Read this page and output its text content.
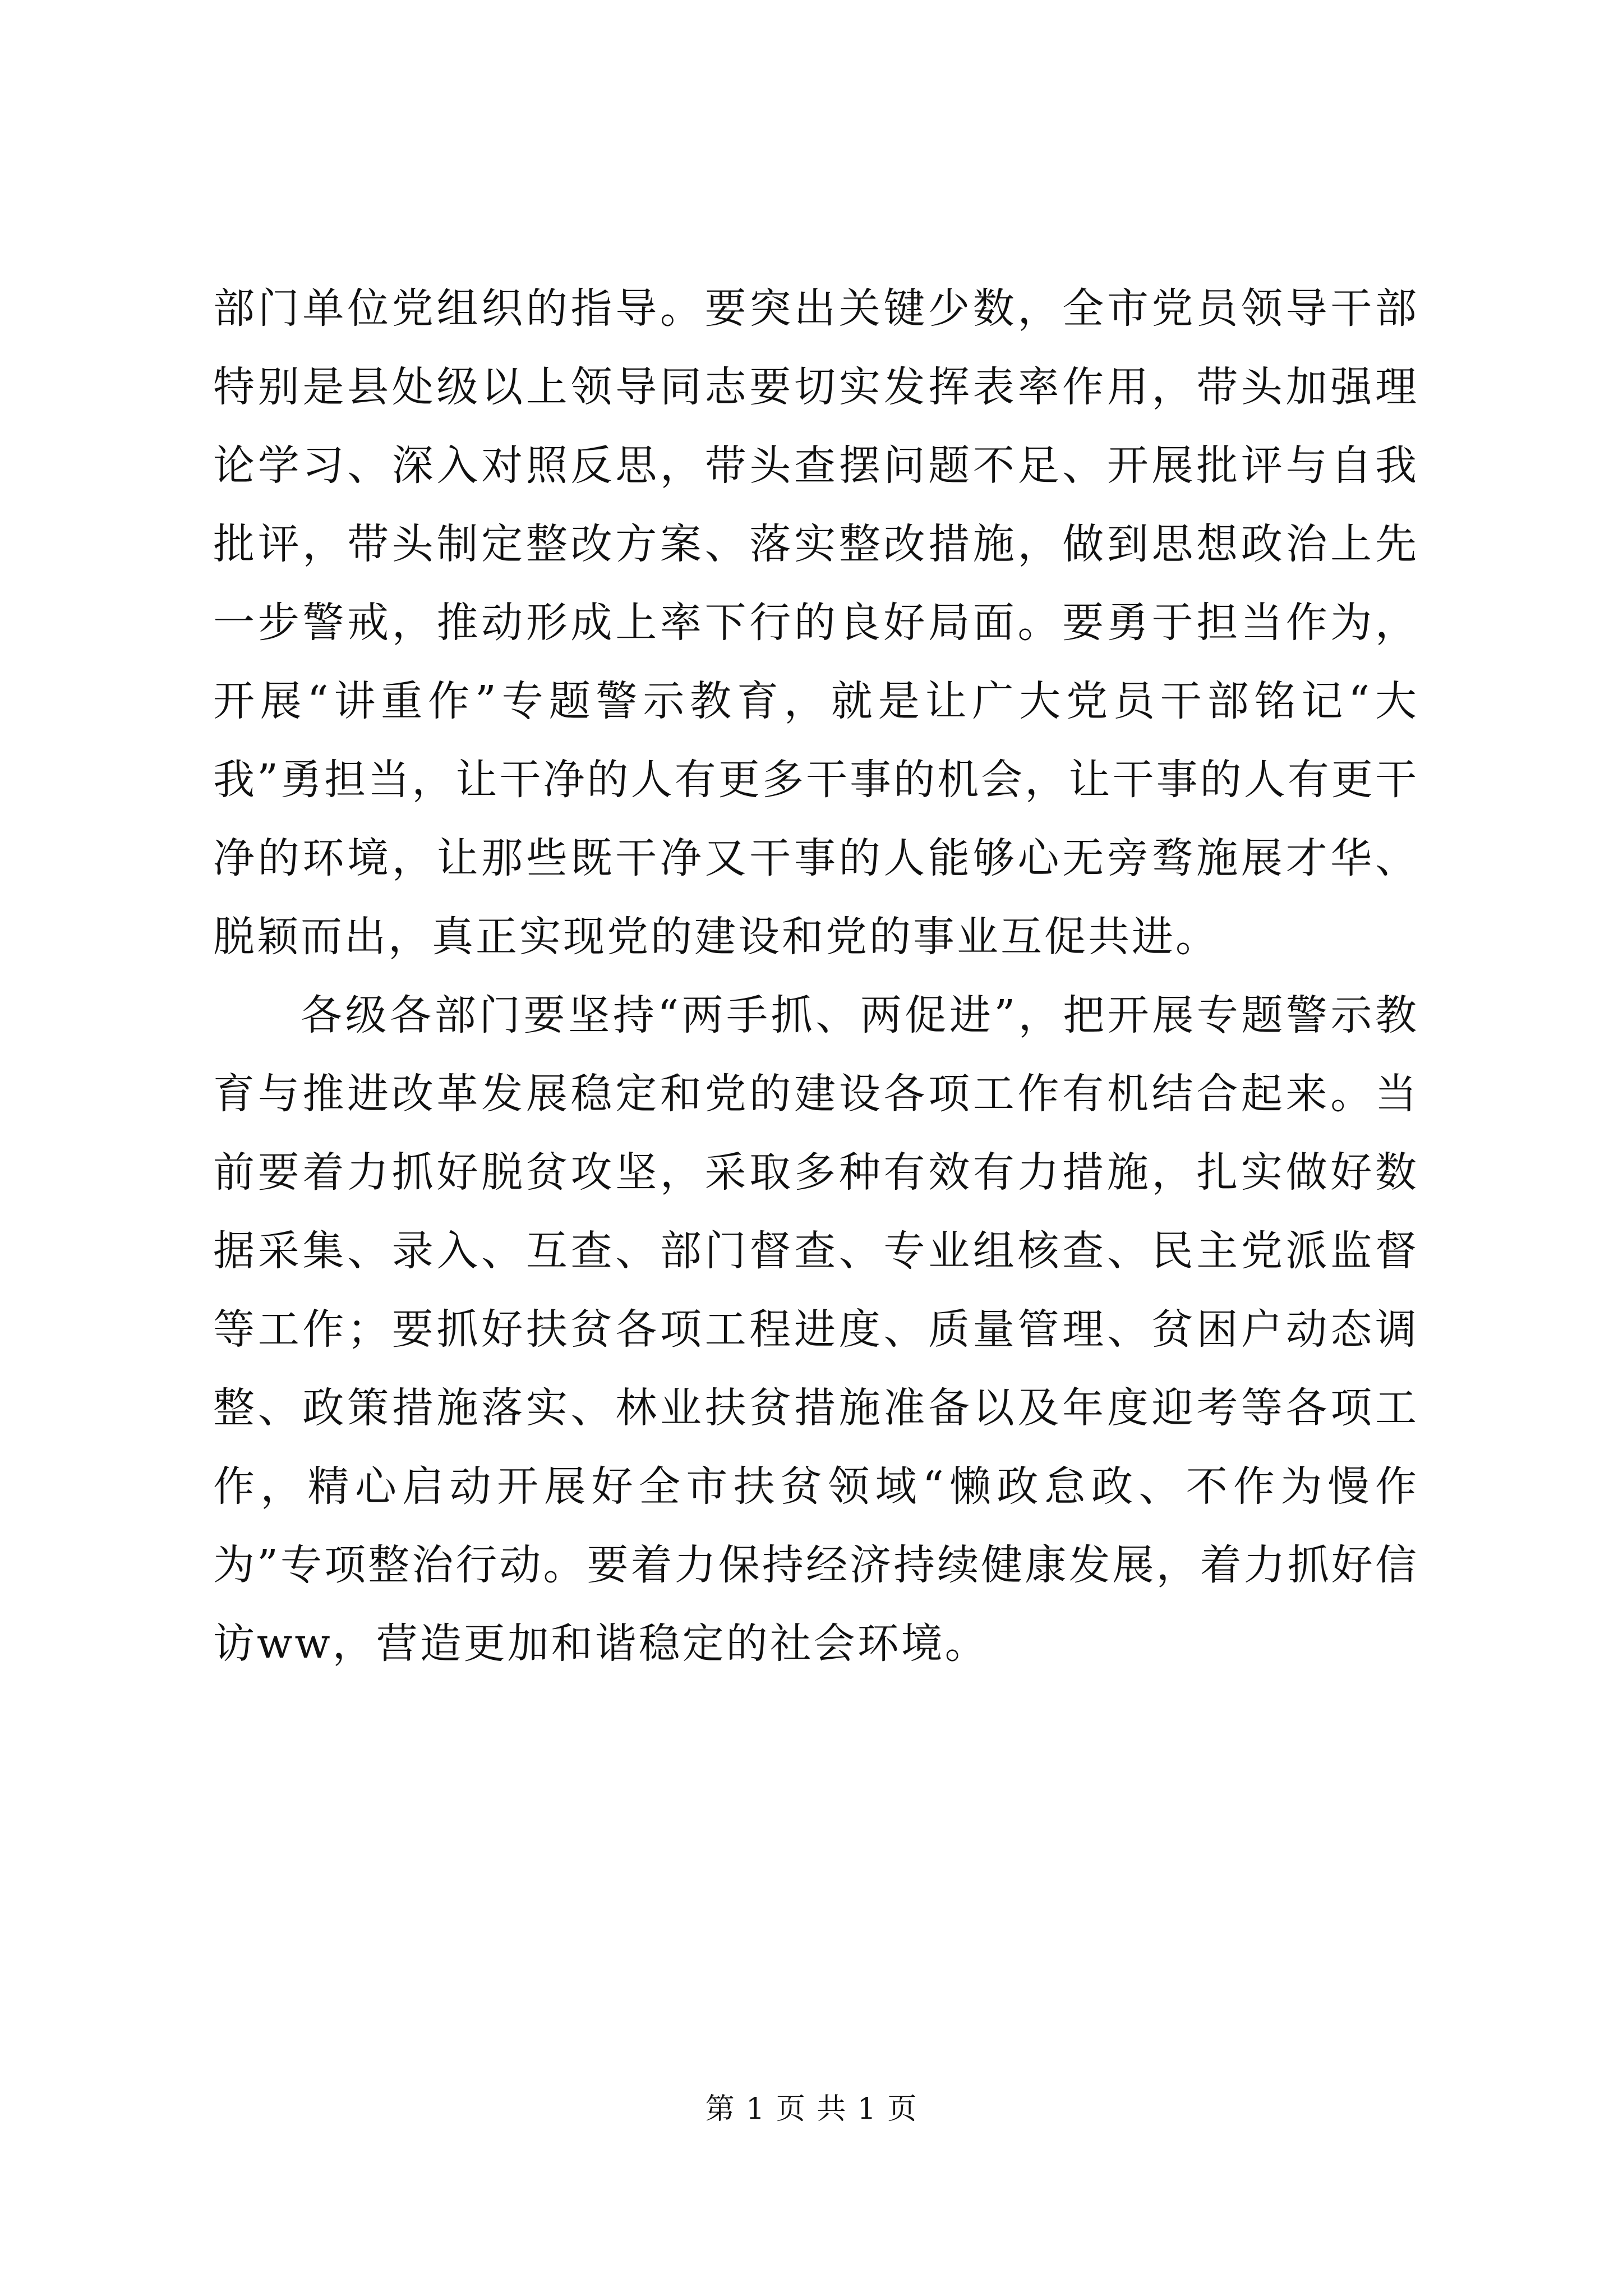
部门单位党组织的指导。要突出关键少数，全市党员领导干部特别是县处级以上领导同志要切实发挥表率作用，带头加强理论学习、深入对照反思，带头查摆问题不足、开展批评与自我批评，带头制定整改方案、落实整改措施，做到思想政治上先一步警戒，推动形成上率下行的良好局面。要勇于担当作为，开展“讲重作”专题警示教育，就是让广大党员干部铭记“大我”勇担当，让干净的人有更多干事的机会，让干事的人有更干净的环境，让那些既干净又干事的人能够心无旁骛施展才华、脱颖而出，真正实现党的建设和党的事业互促共进。

各级各部门要坚持“两手抓、两促进”，把开展专题警示教育与推进改革发展稳定和党的建设各项工作有机结合起来。当前要着力抓好脱贫攻坚，采取多种有效有力措施，扎实做好数据采集、录入、互查、部门督查、专业组核查、民主党派监督等工作；要抓好扶贫各项工程进度、质量管理、贫困户动态调整、政策措施落实、林业扶贫措施准备以及年度迎考等各项工作，精心启动开展好全市扶贫领域“懒政怠政、不作为慢作为”专项整治行动。要着力保持经济持续健康发展，着力抓好信访ww，营造更加和谐稳定的社会环境。

第 1 页 共 1 页
